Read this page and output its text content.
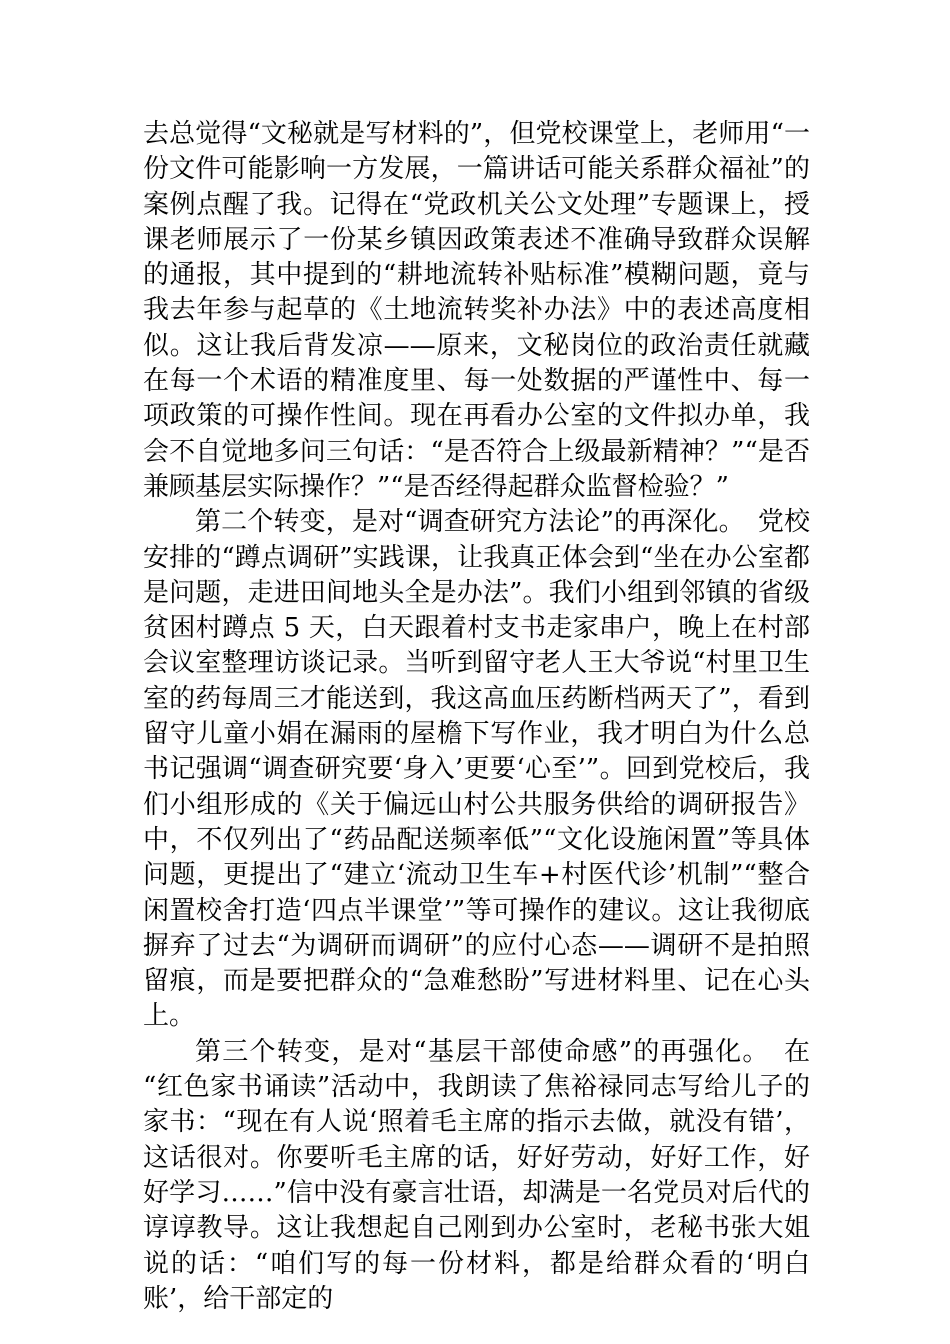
去总觉得“文秘就是写材料的”，但党校课堂上，老师用“一份文件可能影响一方发展，一篇讲话可能关系群众福祉”的案例点醒了我。记得在“党政机关公文处理”专题课上，授课老师展示了一份某乡镇因政策表述不准确导致群众误解的通报，其中提到的“耕地流转补贴标准”模糊问题，竟与我去年参与起草的《土地流转奖补办法》中的表述高度相似。这让我后背发凉——原来，文秘岗位的政治责任就藏在每一个术语的精准度里、每一处数据的严谨性中、每一项政策的可操作性间。现在再看办公室的文件拟办单，我会不自觉地多问三句话：“是否符合上级最新精神？”“是否兼顾基层实际操作？”“是否经得起群众监督检验？”

第二个转变，是对“调查研究方法论”的再深化。　党校安排的“蹲点调研”实践课，让我真正体会到“坐在办公室都是问题，走进田间地头全是办法”。我们小组到邻镇的省级贫困村蹲点 5 天，白天跟着村支书走家串户，晚上在村部会议室整理访谈记录。当听到留守老人王大爷说“村里卫生室的药每周三才能送到，我这高血压药断档两天了”，看到留守儿童小娟在漏雨的屋檐下写作业，我才明白为什么总书记强调“调查研究要‘身入’更要‘心至’”。回到党校后，我们小组形成的《关于偏远山村公共服务供给的调研报告》中，不仅列出了“药品配送频率低”“文化设施闲置”等具体问题，更提出了“建立‘流动卫生车+村医代诊’机制”“整合闲置校舍打造‘四点半课堂’”等可操作的建议。这让我彻底摒弃了过去“为调研而调研”的应付心态——调研不是拍照留痕，而是要把群众的“急难愁盼”写进材料里、记在心头上。

第三个转变，是对“基层干部使命感”的再强化。　在“红色家书诵读”活动中，我朗读了焦裕禄同志写给儿子的家书：“现在有人说‘照着毛主席的指示去做，就没有错’，这话很对。你要听毛主席的话，好好劳动，好好工作，好好学习……”信中没有豪言壮语，却满是一名党员对后代的谆谆教导。这让我想起自己刚到办公室时，老秘书张大姐说的话：“咱们写的每一份材料，都是给群众看的‘明白账’，给干部定的
